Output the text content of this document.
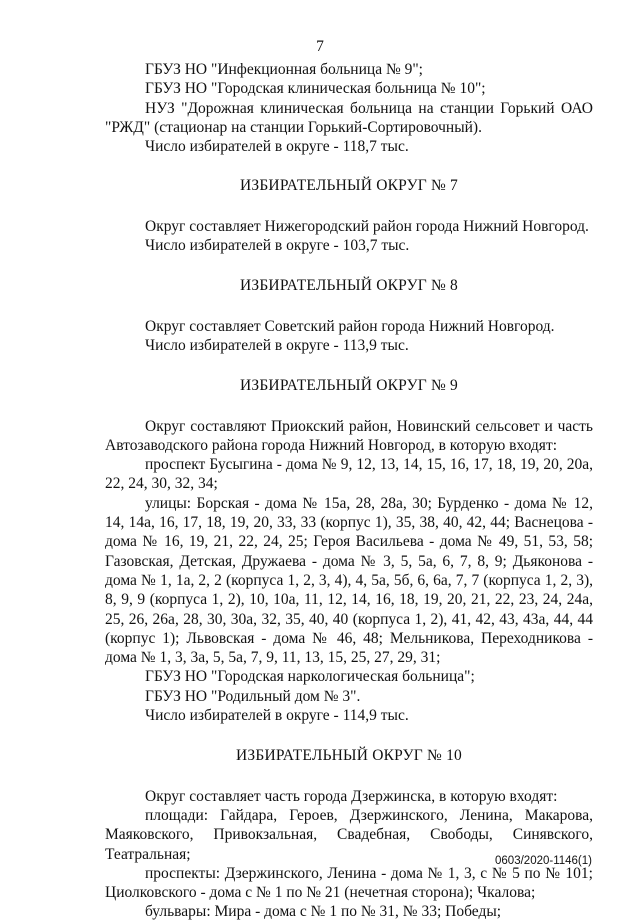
7

ГБУЗ НО "Инфекционная больница № 9";

ГБУЗ НО "Городская клиническая больница № 10";

НУЗ "Дорожная клиническая больница на станции Горький ОАО "РЖД" (стационар на станции Горький-Сортировочный).

Число избирателей в округе - 118,7 тыс.

ИЗБИРАТЕЛЬНЫЙ ОКРУГ № 7

Округ составляет Нижегородский район города Нижний Новгород.

Число избирателей в округе - 103,7 тыс.

ИЗБИРАТЕЛЬНЫЙ ОКРУГ № 8

Округ составляет Советский район города Нижний Новгород.

Число избирателей в округе - 113,9 тыс.

ИЗБИРАТЕЛЬНЫЙ ОКРУГ № 9

Округ составляют Приокский район, Новинский сельсовет и часть Автозаводского района города Нижний Новгород, в которую входят:

проспект Бусыгина - дома № 9, 12, 13, 14, 15, 16, 17, 18, 19, 20, 20а, 22, 24, 30, 32, 34;

улицы: Борская - дома № 15а, 28, 28а, 30; Бурденко - дома № 12, 14, 14а, 16, 17, 18, 19, 20, 33, 33 (корпус 1), 35, 38, 40, 42, 44; Васнецова - дома № 16, 19, 21, 22, 24, 25; Героя Васильева - дома № 49, 51, 53, 58; Газовская, Детская, Дружаева - дома № 3, 5, 5а, 6, 7, 8, 9; Дьяконова - дома № 1, 1а, 2, 2 (корпуса 1, 2, 3, 4), 4, 5а, 5б, 6, 6а, 7, 7 (корпуса 1, 2, 3), 8, 9, 9 (корпуса 1, 2), 10, 10а, 11, 12, 14, 16, 18, 19, 20, 21, 22, 23, 24, 24а, 25, 26, 26а, 28, 30, 30а, 32, 35, 40, 40 (корпуса 1, 2), 41, 42, 43, 43а, 44, 44 (корпус 1); Львовская - дома № 46, 48; Мельникова, Переходникова - дома № 1, 3, 3а, 5, 5а, 7, 9, 11, 13, 15, 25, 27, 29, 31;

ГБУЗ НО "Городская наркологическая больница";

ГБУЗ НО "Родильный дом № 3".

Число избирателей в округе - 114,9 тыс.

ИЗБИРАТЕЛЬНЫЙ ОКРУГ № 10

Округ составляет часть города Дзержинска, в которую входят:

площади: Гайдара, Героев, Дзержинского, Ленина, Макарова, Маяковского, Привокзальная, Свадебная, Свободы, Синявского, Театральная;

проспекты: Дзержинского, Ленина - дома № 1, 3, с № 5 по № 101; Циолковского - дома с № 1 по № 21 (нечетная сторона); Чкалова;

бульвары: Мира - дома с № 1 по № 31, № 33; Победы;

0603/2020-1146(1)
